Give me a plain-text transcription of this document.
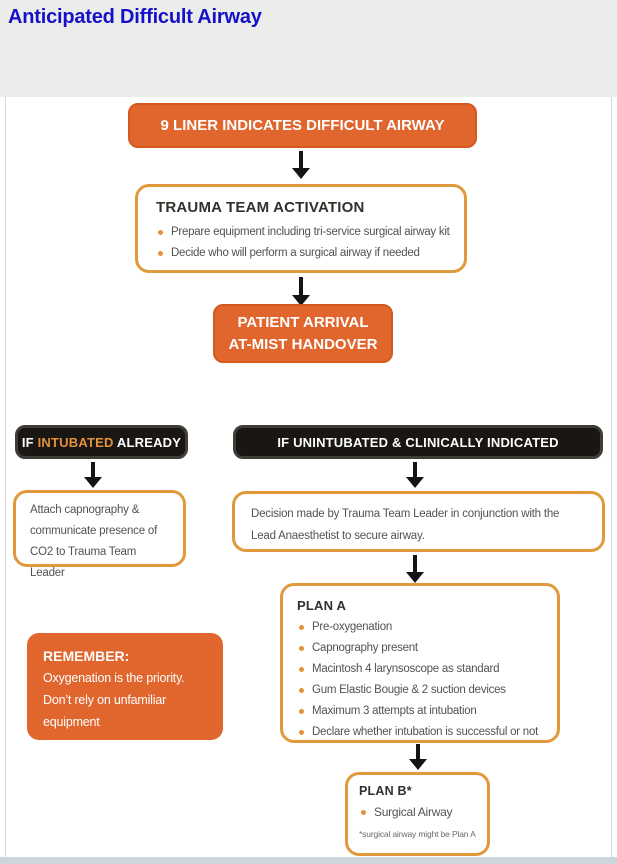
Anticipated Difficult Airway
9 LINER INDICATES DIFFICULT AIRWAY
TRAUMA TEAM ACTIVATION
Prepare equipment including tri-service surgical airway kit
Decide who will perform a surgical airway if needed
PATIENT ARRIVAL
AT-MIST HANDOVER
IF INTUBATED ALREADY	IF UNINTUBATED & CLINICALLY INDICATED
Attach capnography & communicate presence of CO2 to Trauma Team Leader
Decision made by Trauma Team Leader in conjunction with the Lead Anaesthetist to secure airway.
PLAN A
Pre-oxygenation
Capnography present
Macintosh 4 larynsoscope as standard
Gum Elastic Bougie & 2 suction devices
Maximum 3 attempts at intubation
Declare whether intubation is successful or not
REMEMBER:
Oxygenation is the priority.
Don’t rely on unfamiliar
equipment
PLAN B*
Surgical Airway
*surgical airway might be Plan A
